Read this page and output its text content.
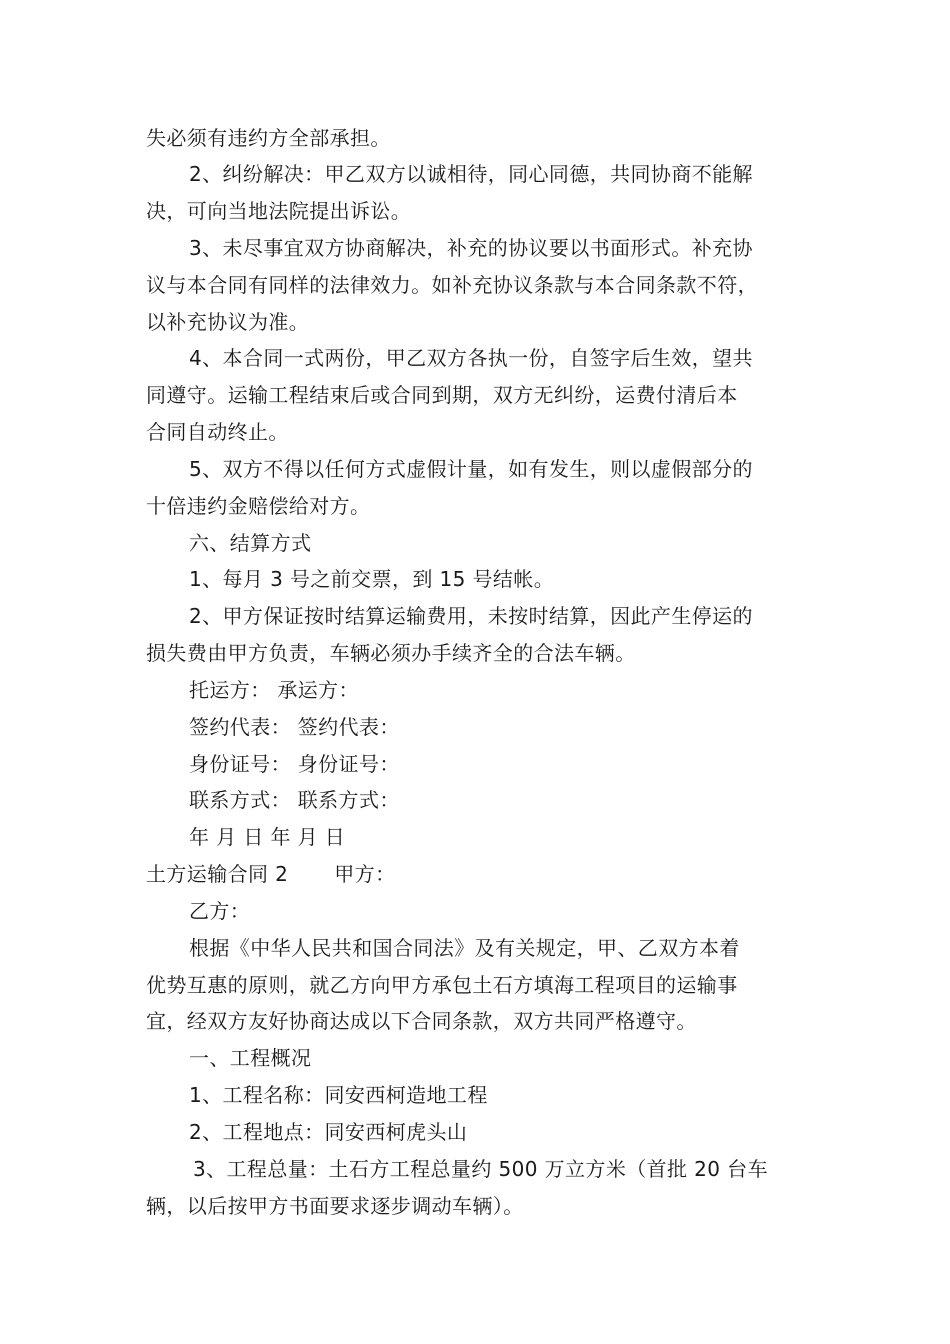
失必须有违约方全部承担。
2、纠纷解决：甲乙双方以诚相待，同心同德，共同协商不能解
决，可向当地法院提出诉讼。
3、未尽事宜双方协商解决，补充的协议要以书面形式。补充协
议与本合同有同样的法律效力。如补充协议条款与本合同条款不符，
以补充协议为准。
4、本合同一式两份，甲乙双方各执一份，自签字后生效，望共
同遵守。运输工程结束后或合同到期，双方无纠纷，运费付清后本
合同自动终止。
5、双方不得以任何方式虚假计量，如有发生，则以虚假部分的
十倍违约金赔偿给对方。
六、结算方式
1、每月 3 号之前交票，到 15 号结帐。
2、甲方保证按时结算运输费用，未按时结算，因此产生停运的
损失费由甲方负责，车辆必须办手续齐全的合法车辆。
托运方： 承运方：
签约代表： 签约代表：
身份证号： 身份证号：
联系方式： 联系方式：
年 月 日 年 月 日
土方运输合同 2 甲方：
乙方：
根据《中华人民共和国合同法》及有关规定，甲、乙双方本着
优势互惠的原则，就乙方向甲方承包土石方填海工程项目的运输事
宜，经双方友好协商达成以下合同条款，双方共同严格遵守。
一、工程概况
1、工程名称：同安西柯造地工程
2、工程地点：同安西柯虎头山
3、工程总量：土石方工程总量约 500 万立方米（首批 20 台车
辆，以后按甲方书面要求逐步调动车辆）。
